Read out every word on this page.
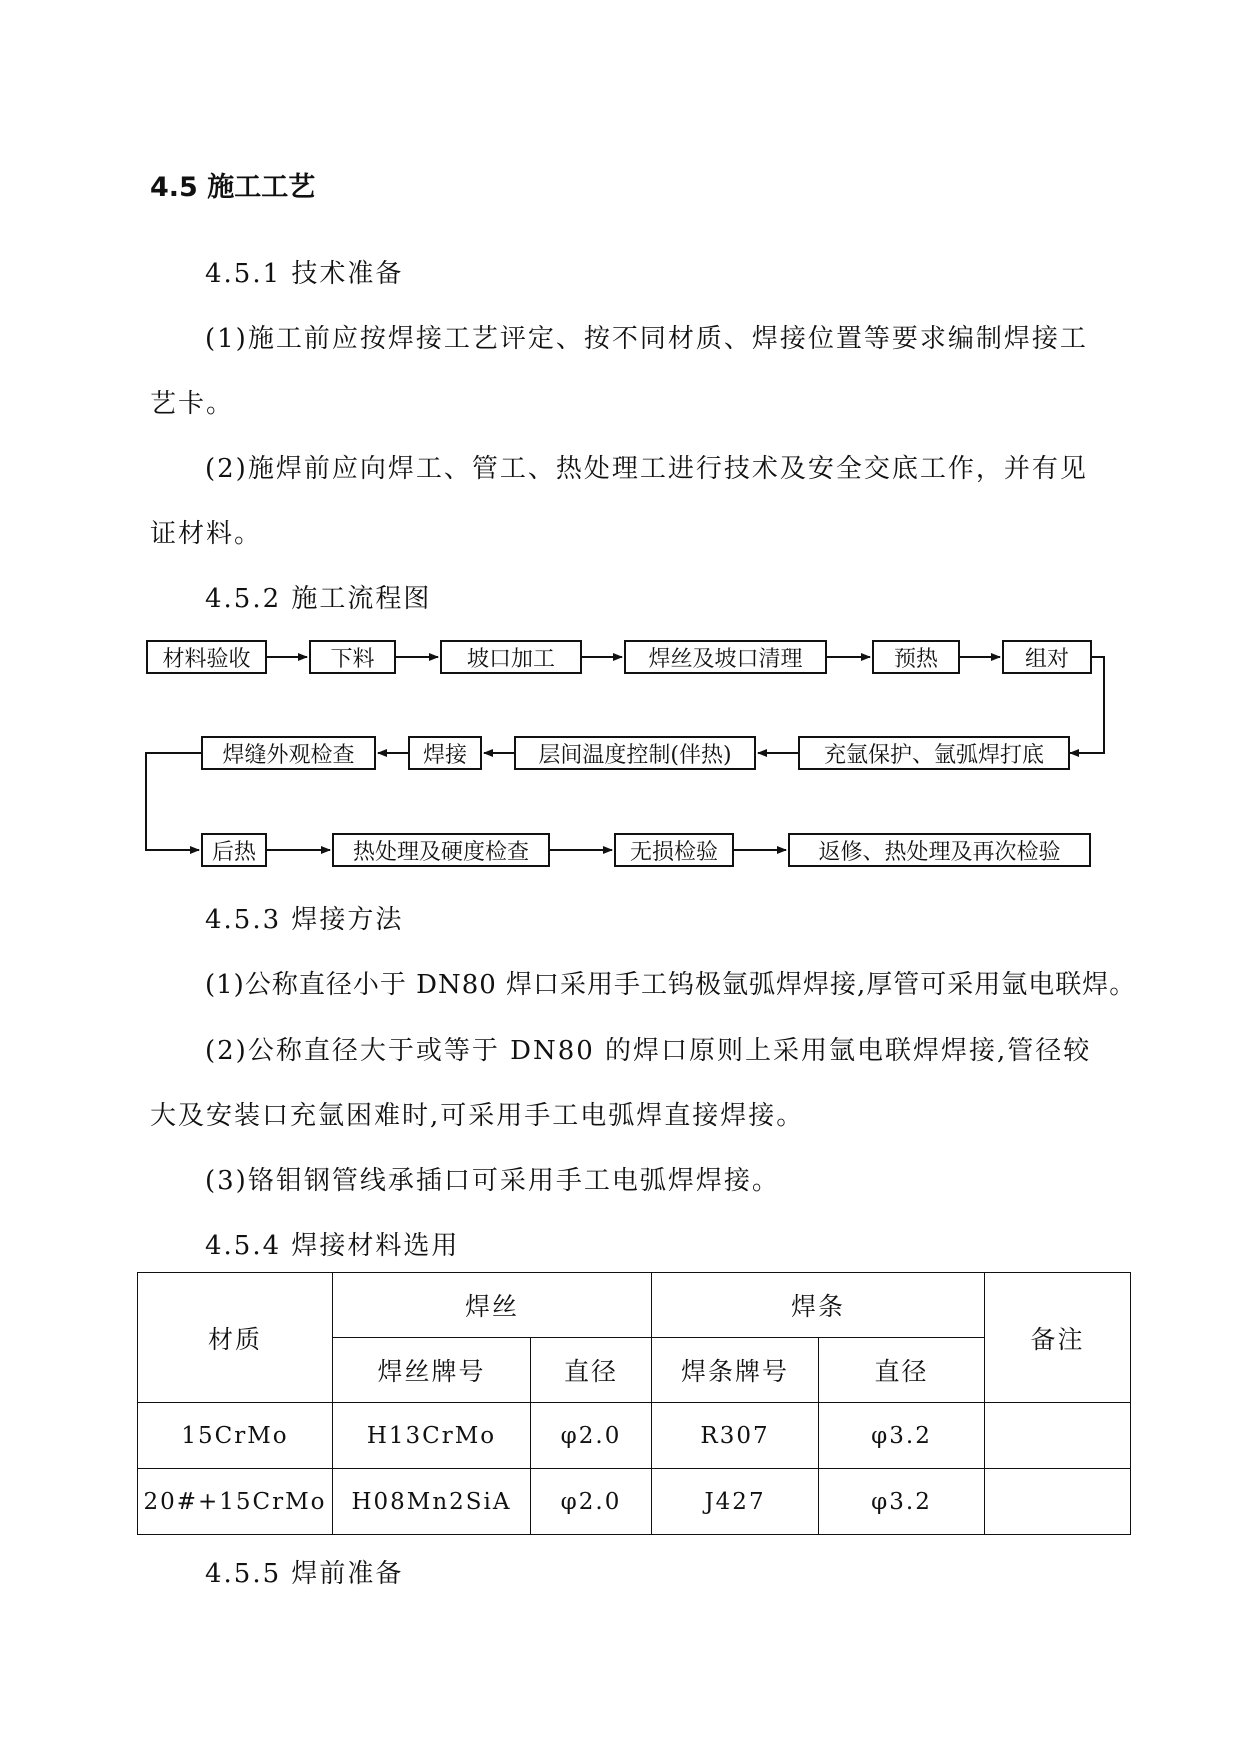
4.5 施工工艺
4.5.1 技术准备
(1)施工前应按焊接工艺评定、按不同材质、焊接位置等要求编制焊接工
艺卡。
(2)施焊前应向焊工、管工、热处理工进行技术及安全交底工作，并有见
证材料。
4.5.2 施工流程图
材料验收	下料	坡口加工	焊丝及坡口清理	预热	组对
充氩保护、氩弧焊打底
层间温度控制(伴热)
焊接
焊缝外观检查
后热	热处理及硬度检查	无损检验	返修、热处理及再次检验
4.5.3 焊接方法
(1)公称直径小于 DN80 焊口采用手工钨极氩弧焊焊接,厚管可采用氩电联焊。
(2)公称直径大于或等于 DN80 的焊口原则上采用氩电联焊焊接,管径较
大及安装口充氩困难时,可采用手工电弧焊直接焊接。
(3)铬钼钢管线承插口可采用手工电弧焊焊接。
4.5.4 焊接材料选用
材质	焊丝		焊条		备注
	焊丝牌号	直径	焊条牌号	直径	
15CrMo	H13CrMo	φ2.0	R307	φ3.2	
20#+15CrMo	H08Mn2SiA	φ2.0	J427	φ3.2	
4.5.5 焊前准备
